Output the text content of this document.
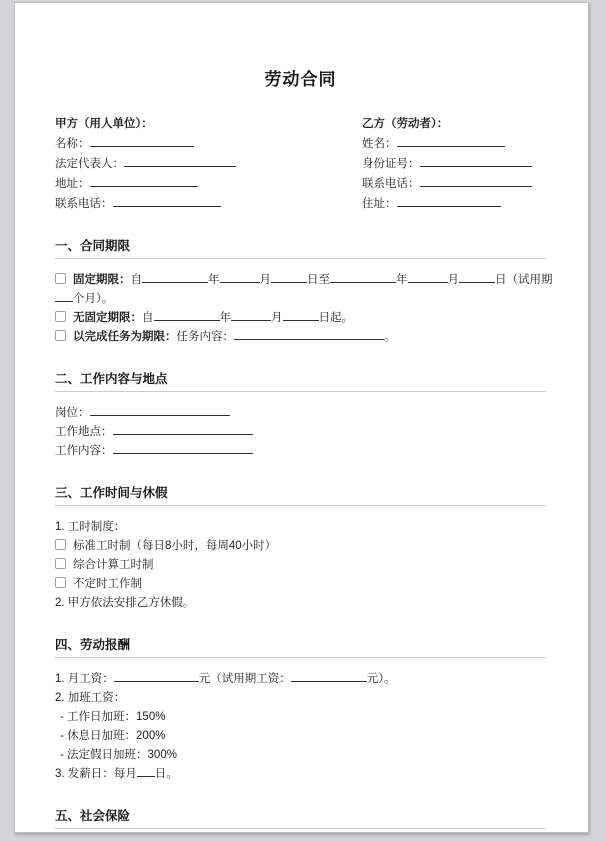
劳动合同
甲方（用人单位）：
名称：
法定代表人：
地址：
联系电话：
乙方（劳动者）：
姓名：
身份证号：
联系电话：
住址：
一、合同期限
固定期限：自	年	月	日至	年	月	日（试用期
个月）。
无固定期限：自	年	月	日起。
以完成任务为期限：任务内容：	。
二、工作内容与地点
岗位：
工作地点：
工作内容：
三、工作时间与休假
1. 工时制度：
标准工时制（每日8小时，每周40小时）
综合计算工时制
不定时工作制
2. 甲方依法安排乙方休假。
四、劳动报酬
1. 月工资：	元（试用期工资：	元）。
2. 加班工资：
- 工作日加班：150%
- 休息日加班：200%
- 法定假日加班：300%
3. 发薪日：每月 日。
五、社会保险
